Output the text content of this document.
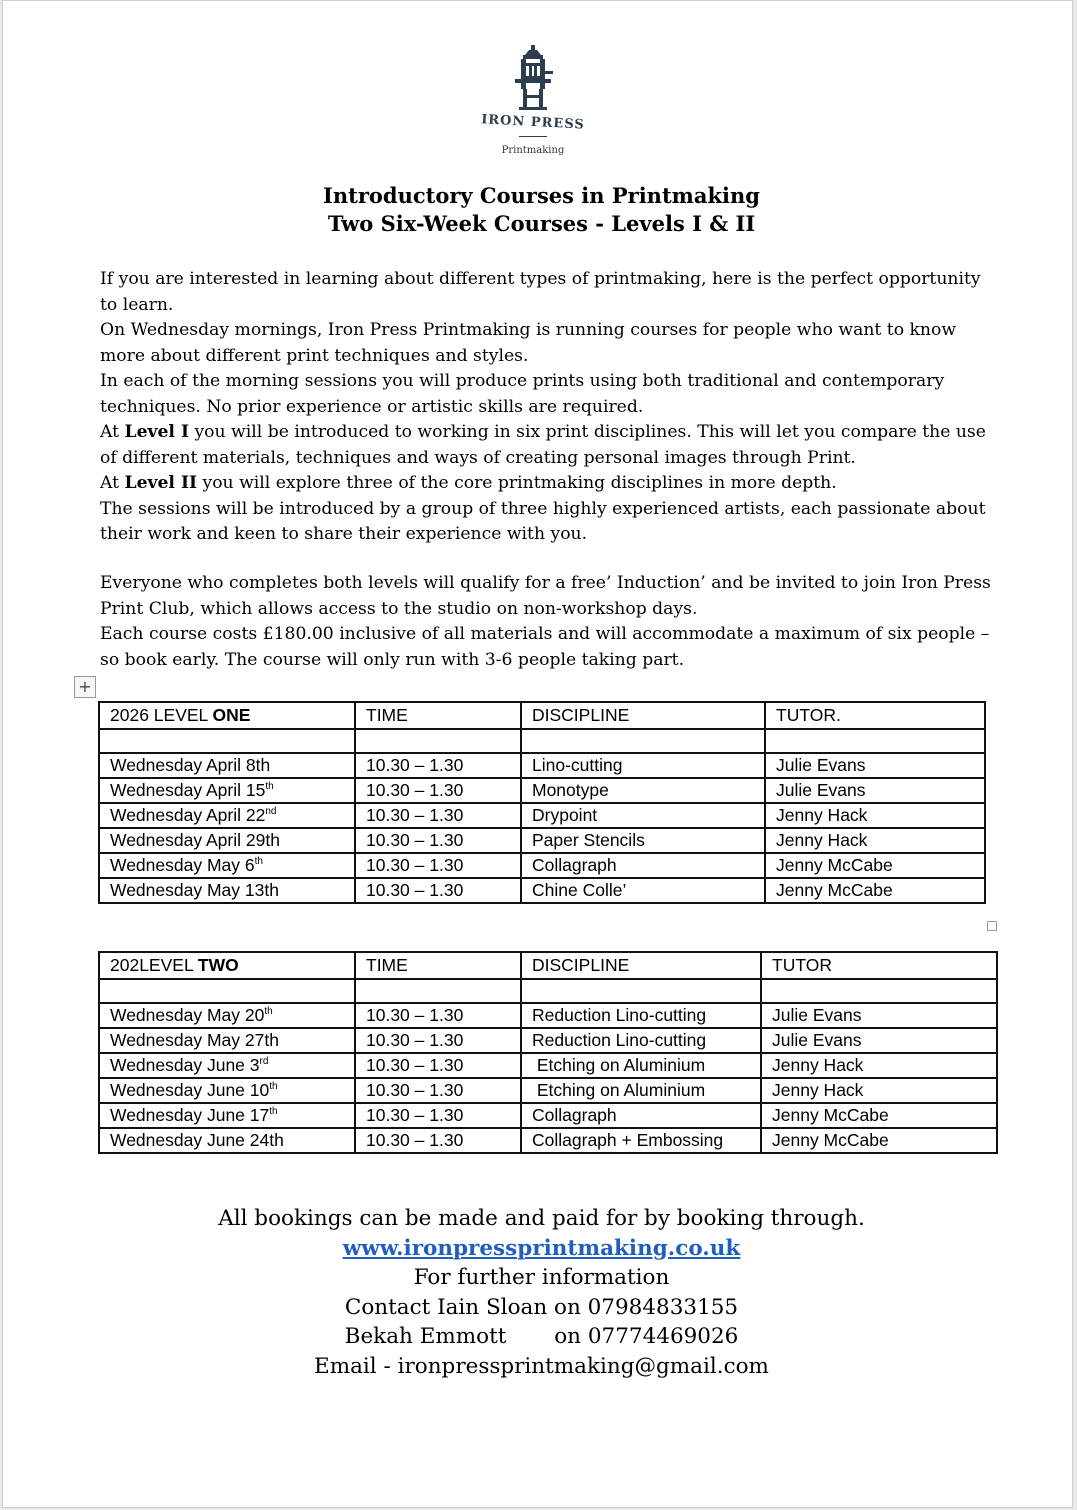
IRON PRESS
Printmaking
Introductory Courses in Printmaking
Two Six-Week Courses - Levels I & II

If you are interested in learning about different types of printmaking, here is the perfect opportunity to learn.

On Wednesday mornings, Iron Press Printmaking is running courses for people who want to know more about different print techniques and styles.

In each of the morning sessions you will produce prints using both traditional and contemporary techniques. No prior experience or artistic skills are required.

At Level I you will be introduced to working in six print disciplines. This will let you compare the use of different materials, techniques and ways of creating personal images through Print.

At Level II you will explore three of the core printmaking disciplines in more depth.

The sessions will be introduced by a group of three highly experienced artists, each passionate about their work and keen to share their experience with you.

Everyone who completes both levels will qualify for a free’ Induction’ and be invited to join Iron Press Print Club, which allows access to the studio on non-workshop days.

Each course costs £180.00 inclusive of all materials and will accommodate a maximum of six people – so book early. The course will only run with 3-6 people taking part.

+
2026 LEVEL ONE	TIME	DISCIPLINE	TUTOR.

Wednesday April 8th	10.30 – 1.30	Lino-cutting	Julie Evans
Wednesday April 15th	10.30 – 1.30	Monotype	Julie Evans
Wednesday April 22nd	10.30 – 1.30	Drypoint	Jenny Hack
Wednesday April 29th	10.30 – 1.30	Paper Stencils	Jenny Hack
Wednesday May 6th	10.30 – 1.30	Collagraph	Jenny McCabe
Wednesday May 13th	10.30 – 1.30	Chine Colle’	Jenny McCabe
202LEVEL TWO	TIME	DISCIPLINE	TUTOR

Wednesday May 20th	10.30 – 1.30	Reduction Lino-cutting	Julie Evans
Wednesday May 27th	10.30 – 1.30	Reduction Lino-cutting	Julie Evans
Wednesday June 3rd	10.30 – 1.30	Etching on Aluminium	Jenny Hack
Wednesday June 10th	10.30 – 1.30	Etching on Aluminium	Jenny Hack
Wednesday June 17th	10.30 – 1.30	Collagraph	Jenny McCabe
Wednesday June 24th	10.30 – 1.30	Collagraph + Embossing	Jenny McCabe
All bookings can be made and paid for by booking through.
www.ironpressprintmaking.co.uk
For further information
Contact Iain Sloan on 07984833155
Bekah Emmott       on 07774469026
Email - ironpressprintmaking@gmail.com
